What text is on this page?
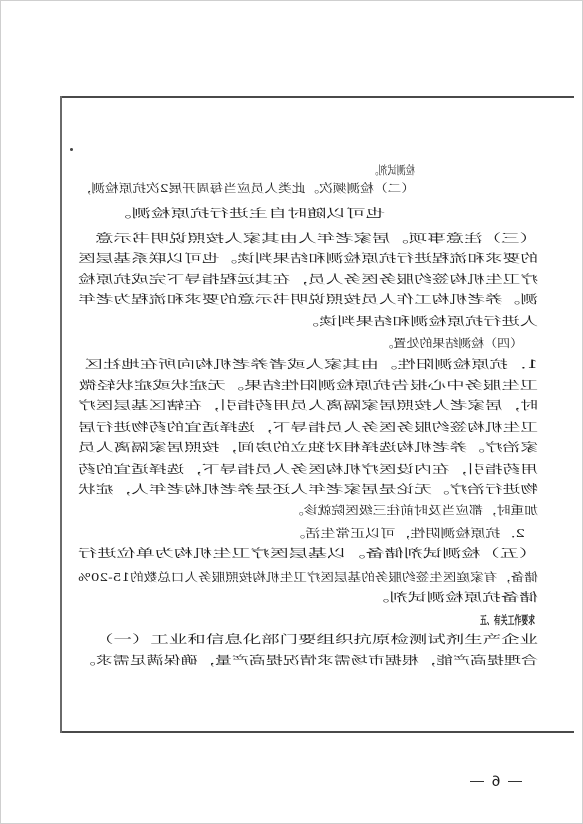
检测试剂。
（二）检测频次。此类人员应当每周开展2次抗原检测，
也可以随时自主进行抗原检测。
（三）注意事项。居家老年人由其家人按照说明书示意
的要求和流程进行抗原检测和结果判读。也可以联系基层医
疗卫生机构签约服务医务人员，在其远程指导下完成抗原检
测。养老机构工作人员按照说明书示意的要求和流程为老年
人进行抗原检测和结果判读。
（四）检测结果的处置。
1．抗原检测阳性。由其家人或者养老机构向所在地社区
卫生服务中心报告抗原检测阳性结果。无症状或症状轻微
时，居家老人按照居家隔离人员用药指引，在辖区基层医疗
卫生机构签约服务医务人员指导下，选择适宜的药物进行居
家治疗。养老机构选择相对独立的房间，按照居家隔离人员
用药指引，在内设医疗机构医务人员指导下，选择适宜的药
物进行治疗。无论是居家老年人还是养老机构老年人，症状
加重时，都应当及时前往三级医院就诊。
2．抗原检测阴性，可以正常生活。
（五）检测试剂储备。以基层医疗卫生机构为单位进行
储备，有家庭医生签约服务的基层医疗卫生机构按照服务人口总数的15-20%
储备抗原检测试剂。
五、有关工作要求
（一）工业和信息化部门要组织抗原检测试剂生产企业
合理提高产能，根据市场需求情况提高产量，确保满足需求。
6
